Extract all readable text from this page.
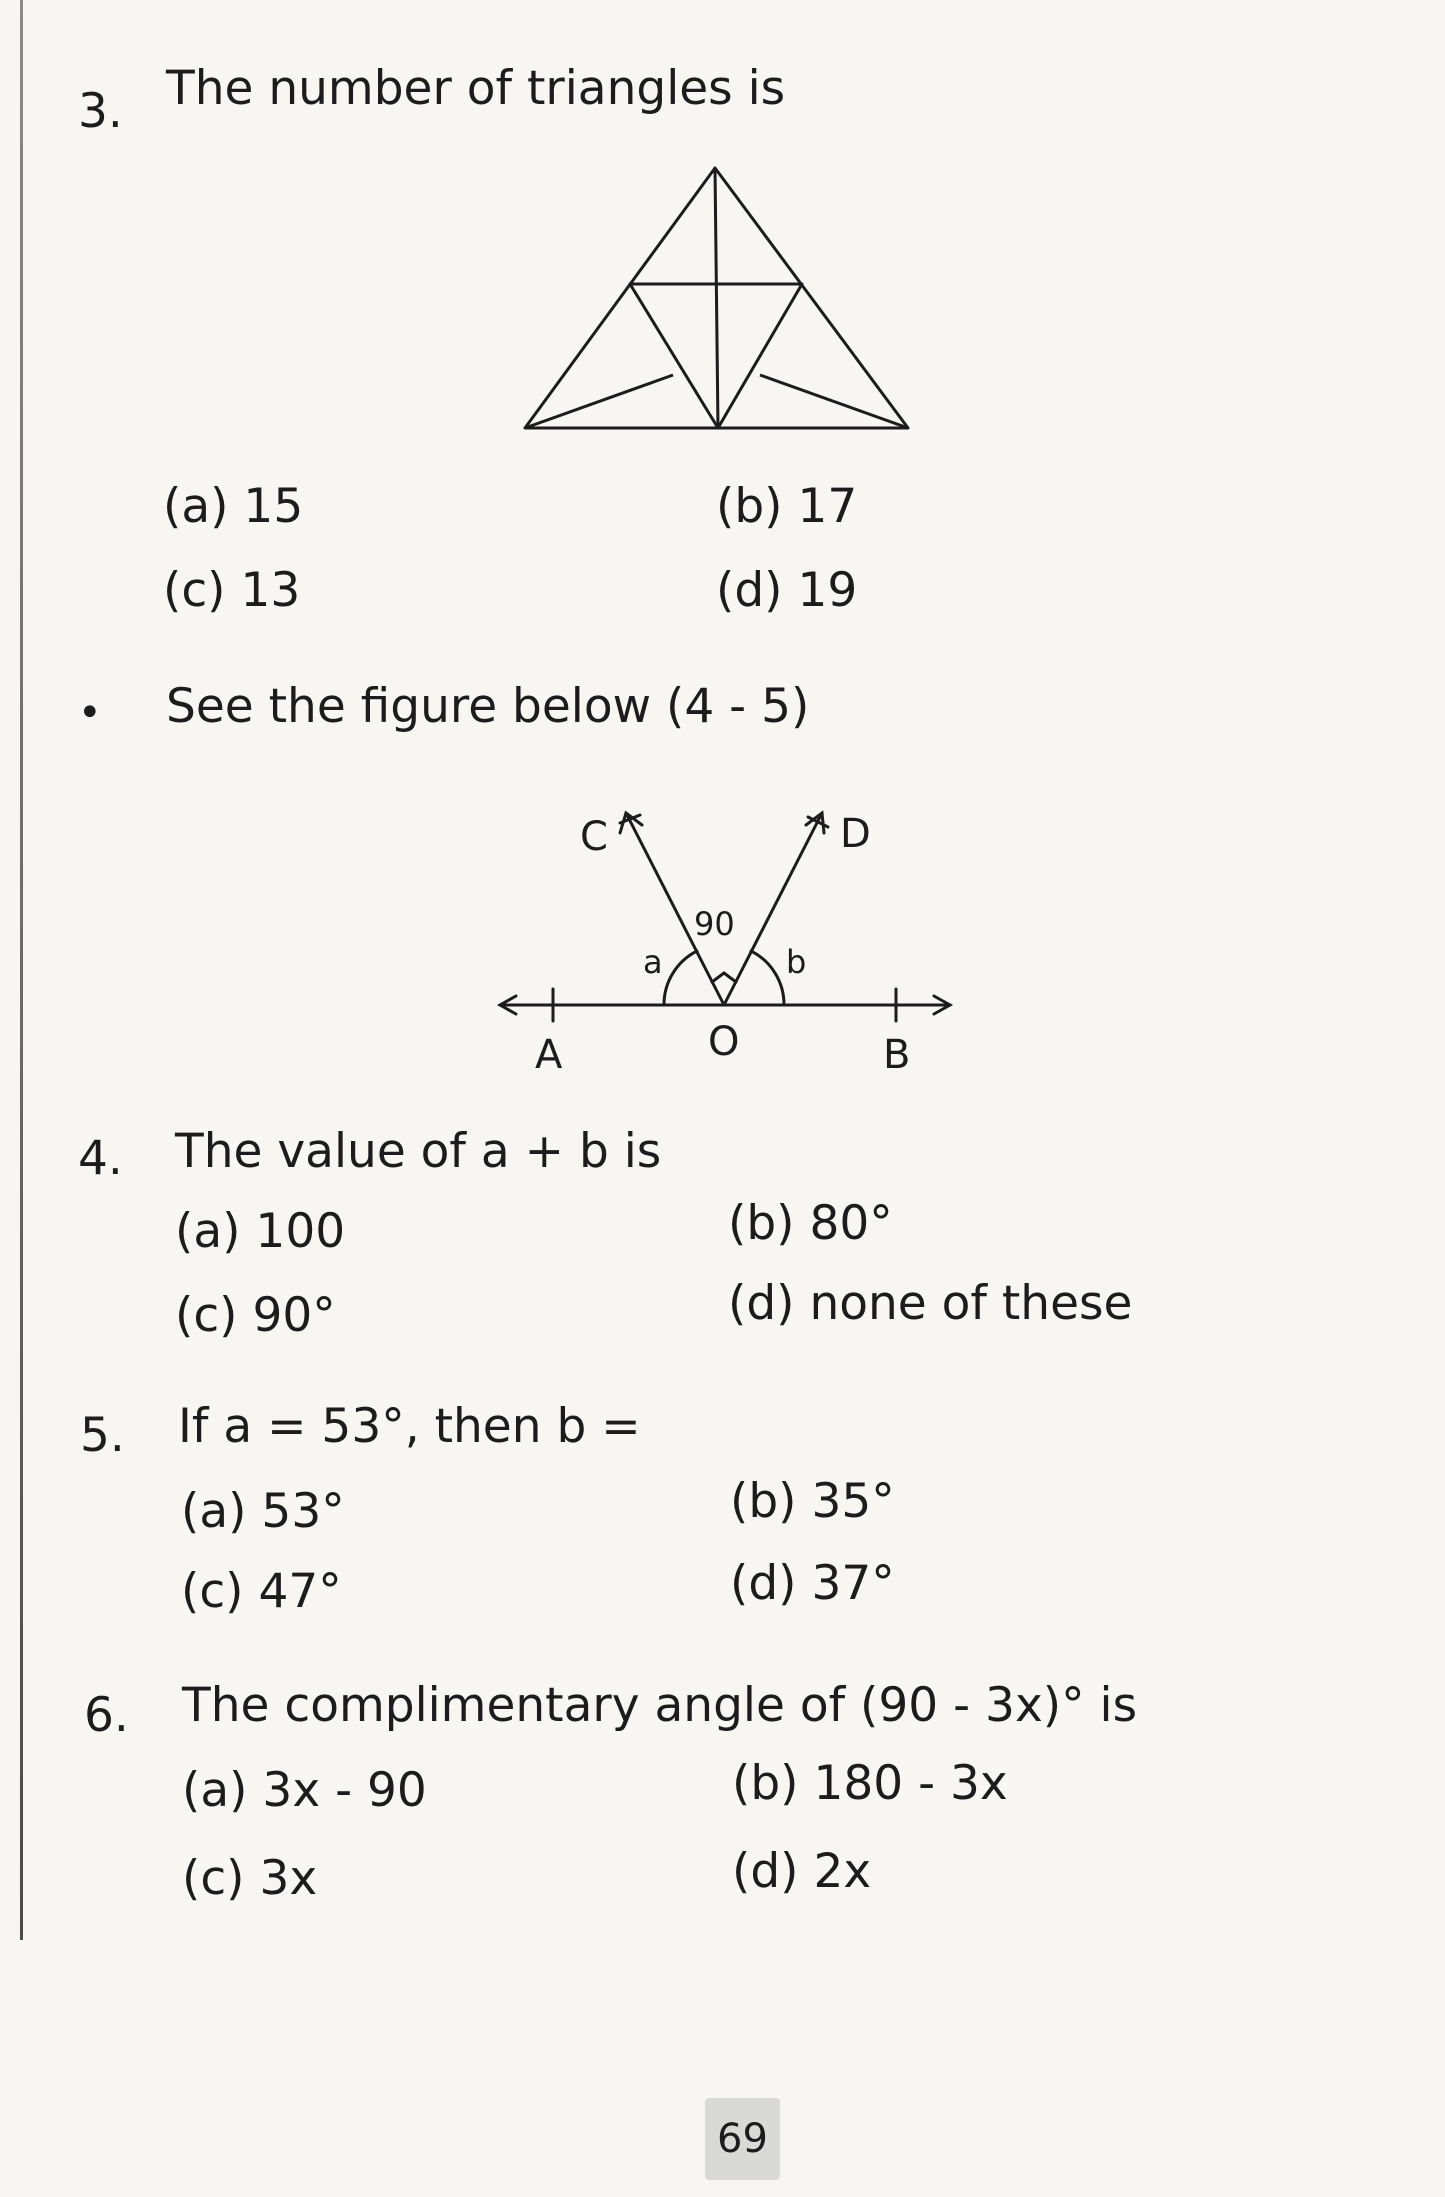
3. The number of triangles is
(a) 15	(b) 17
(c) 13	(d) 19
• See the figure below (4 - 5)
C	D
90
a	b
A	O	B
4. The value of a + b is
(a) 100	(b) 80°
(c) 90°	(d) none of these
5. If a = 53°, then b =
(a) 53°	(b) 35°
(c) 47°	(d) 37°
6. The complimentary angle of (90 - 3x)° is
(a) 3x - 90	(b) 180 - 3x
(c) 3x	(d) 2x
69
